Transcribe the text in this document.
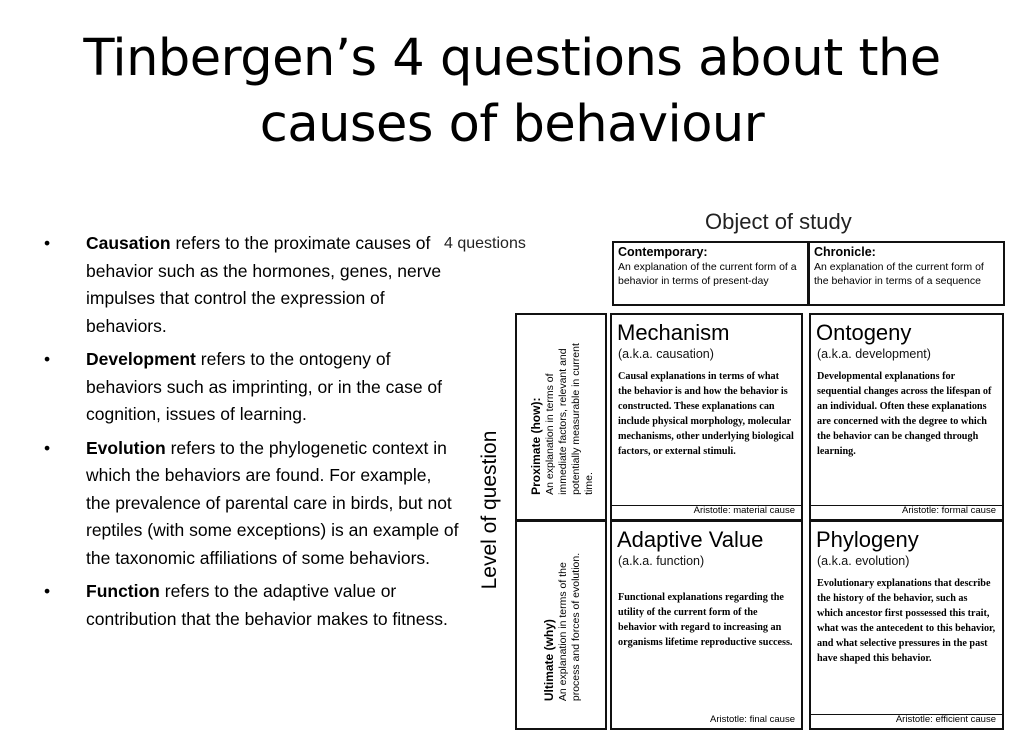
Tinbergen’s 4 questions about the
causes of behaviour
• Causation refers to the proximate causes of behavior such as the hormones, genes, nerve impulses that control the expression of behaviors.
• Development refers to the ontogeny of behaviors such as imprinting, or in the case of cognition, issues of learning.
• Evolution refers to the phylogenetic context in which the behaviors are found. For example, the prevalence of parental care in birds, but not reptiles (with some exceptions) is an example of the taxonomic affiliations of some behaviors.
• Function refers to the adaptive value or contribution that the behavior makes to fitness.
Object of study
4 questions	Contemporary:
An explanation of the current form of a behavior in terms of present-day
Chronicle:
An explanation of the current form of the behavior in terms of a sequence
Level of question Proximate (how):
An explanation in terms of
immediate factors, relevant and
potentially measurable in current
time.
Ultimate (why)
An explanation in terms of the
process and forces of evolution.
Mechanism
(a.k.a. causation)
Causal explanations in terms of what the behavior is and how the behavior is constructed. These explanations can include physical morphology, molecular mechanisms, other underlying biological factors, or external stimuli.
Aristotle: material cause
Ontogeny
(a.k.a. development)
Developmental explanations for sequential changes across the lifespan of an individual. Often these explanations are concerned with the degree to which the behavior can be changed through learning.
Aristotle: formal cause
Adaptive Value
(a.k.a. function)
Functional explanations regarding the utility of the current form of the behavior with regard to increasing an organisms lifetime reproductive success.
Aristotle: final cause
Phylogeny
(a.k.a. evolution)
Evolutionary explanations that describe the history of the behavior, such as which ancestor first possessed this trait, what was the antecedent to this behavior, and what selective pressures in the past have shaped this behavior.
Aristotle: efficient cause
